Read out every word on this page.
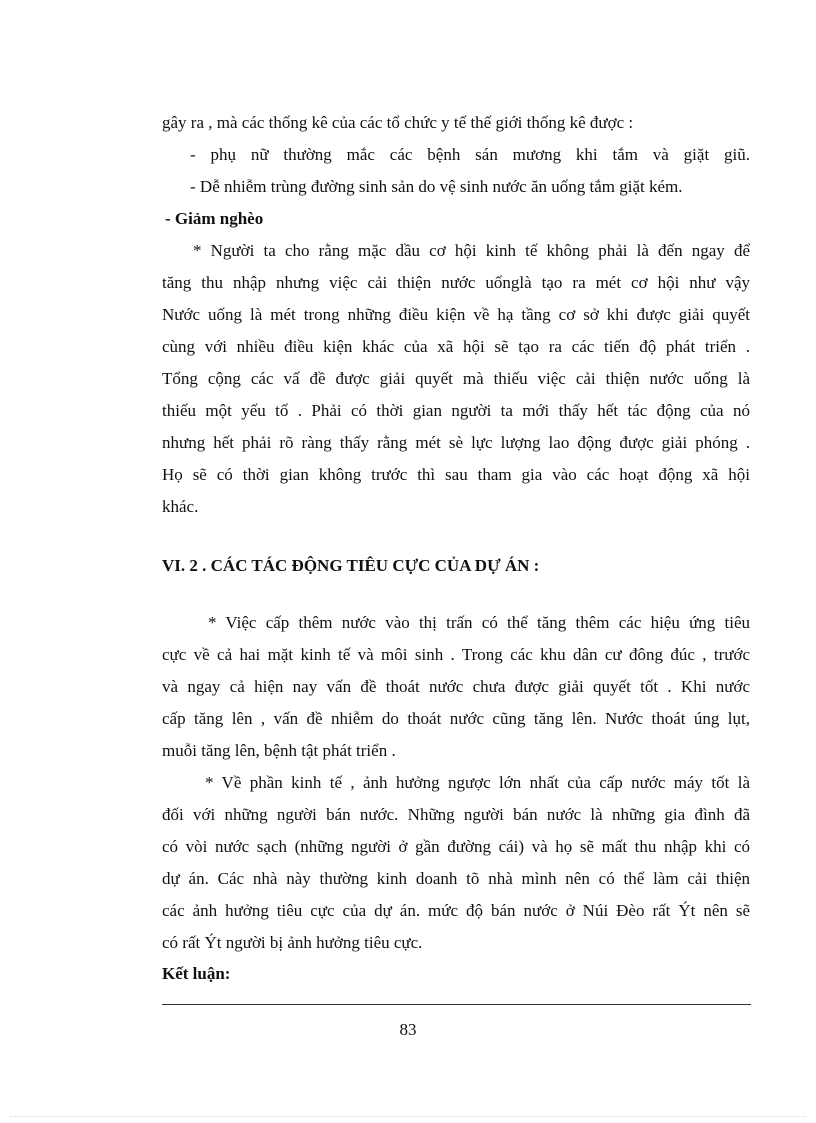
gây ra , mà các thống kê của các tổ chức y tế thế giới thống kê được :
- phụ nữ thường mắc các bệnh sán mương khi tắm và giặt giũ.
- Dễ nhiễm trùng đường sinh sản do vệ sinh nước ăn uống tắm giặt kém.
- Giảm nghèo
* Người ta cho rằng mặc dầu cơ hội kinh tế không phải là đến ngay để
tăng thu nhập nhưng việc cải thiện nước uốnglà tạo ra mét cơ hội như vậy
Nước uống là mét trong những điều kiện về hạ tầng cơ sở khi được giải quyết
cùng với nhiều điều kiện khác của xã hội sẽ tạo ra các tiến độ phát triển .
Tổng cộng các vấ đề được giải quyết mà thiếu việc cải thiện nước uống là
thiếu một yếu tố . Phải có thời gian người ta mới thấy hết tác động của nó
nhưng hết phải rõ ràng thấy rằng mét sè lực lượng lao động được giải phóng .
Họ sẽ có thời gian không trước thì sau tham gia vào các hoạt động xã hội
khác.
VI. 2 . CÁC TÁC ĐỘNG TIÊU CỰC CỦA DỰ ÁN :
* Việc cấp thêm nước vào thị trấn có thể tăng thêm các hiệu ứng tiêu
cực về cả hai mặt kinh tế và môi sinh . Trong các khu dân cư đông đúc , trước
và ngay cả hiện nay vấn đề thoát nước chưa được giải quyết tốt . Khi nước
cấp tăng lên , vấn đề nhiễm do thoát nước cũng tăng lên. Nước thoát úng lụt,
muỗi tăng lên, bệnh tật phát triển .
* Về phần kinh tế , ảnh hưởng ngược lớn nhất của cấp nước máy tốt là
đối với những người bán nước. Những người bán nước là những gia đình đã
có vòi nước sạch (những người ở gần đường cái) và họ sẽ mất thu nhập khi có
dự án. Các nhà này thường kinh doanh tõ nhà mình nên có thể làm cải thiện
các ảnh hưởng tiêu cực của dự án. mức độ bán nước ở Núi Đèo rất Ýt nên sẽ
có rất Ýt người bị ảnh hưởng tiêu cực.
Kết luận:
83
